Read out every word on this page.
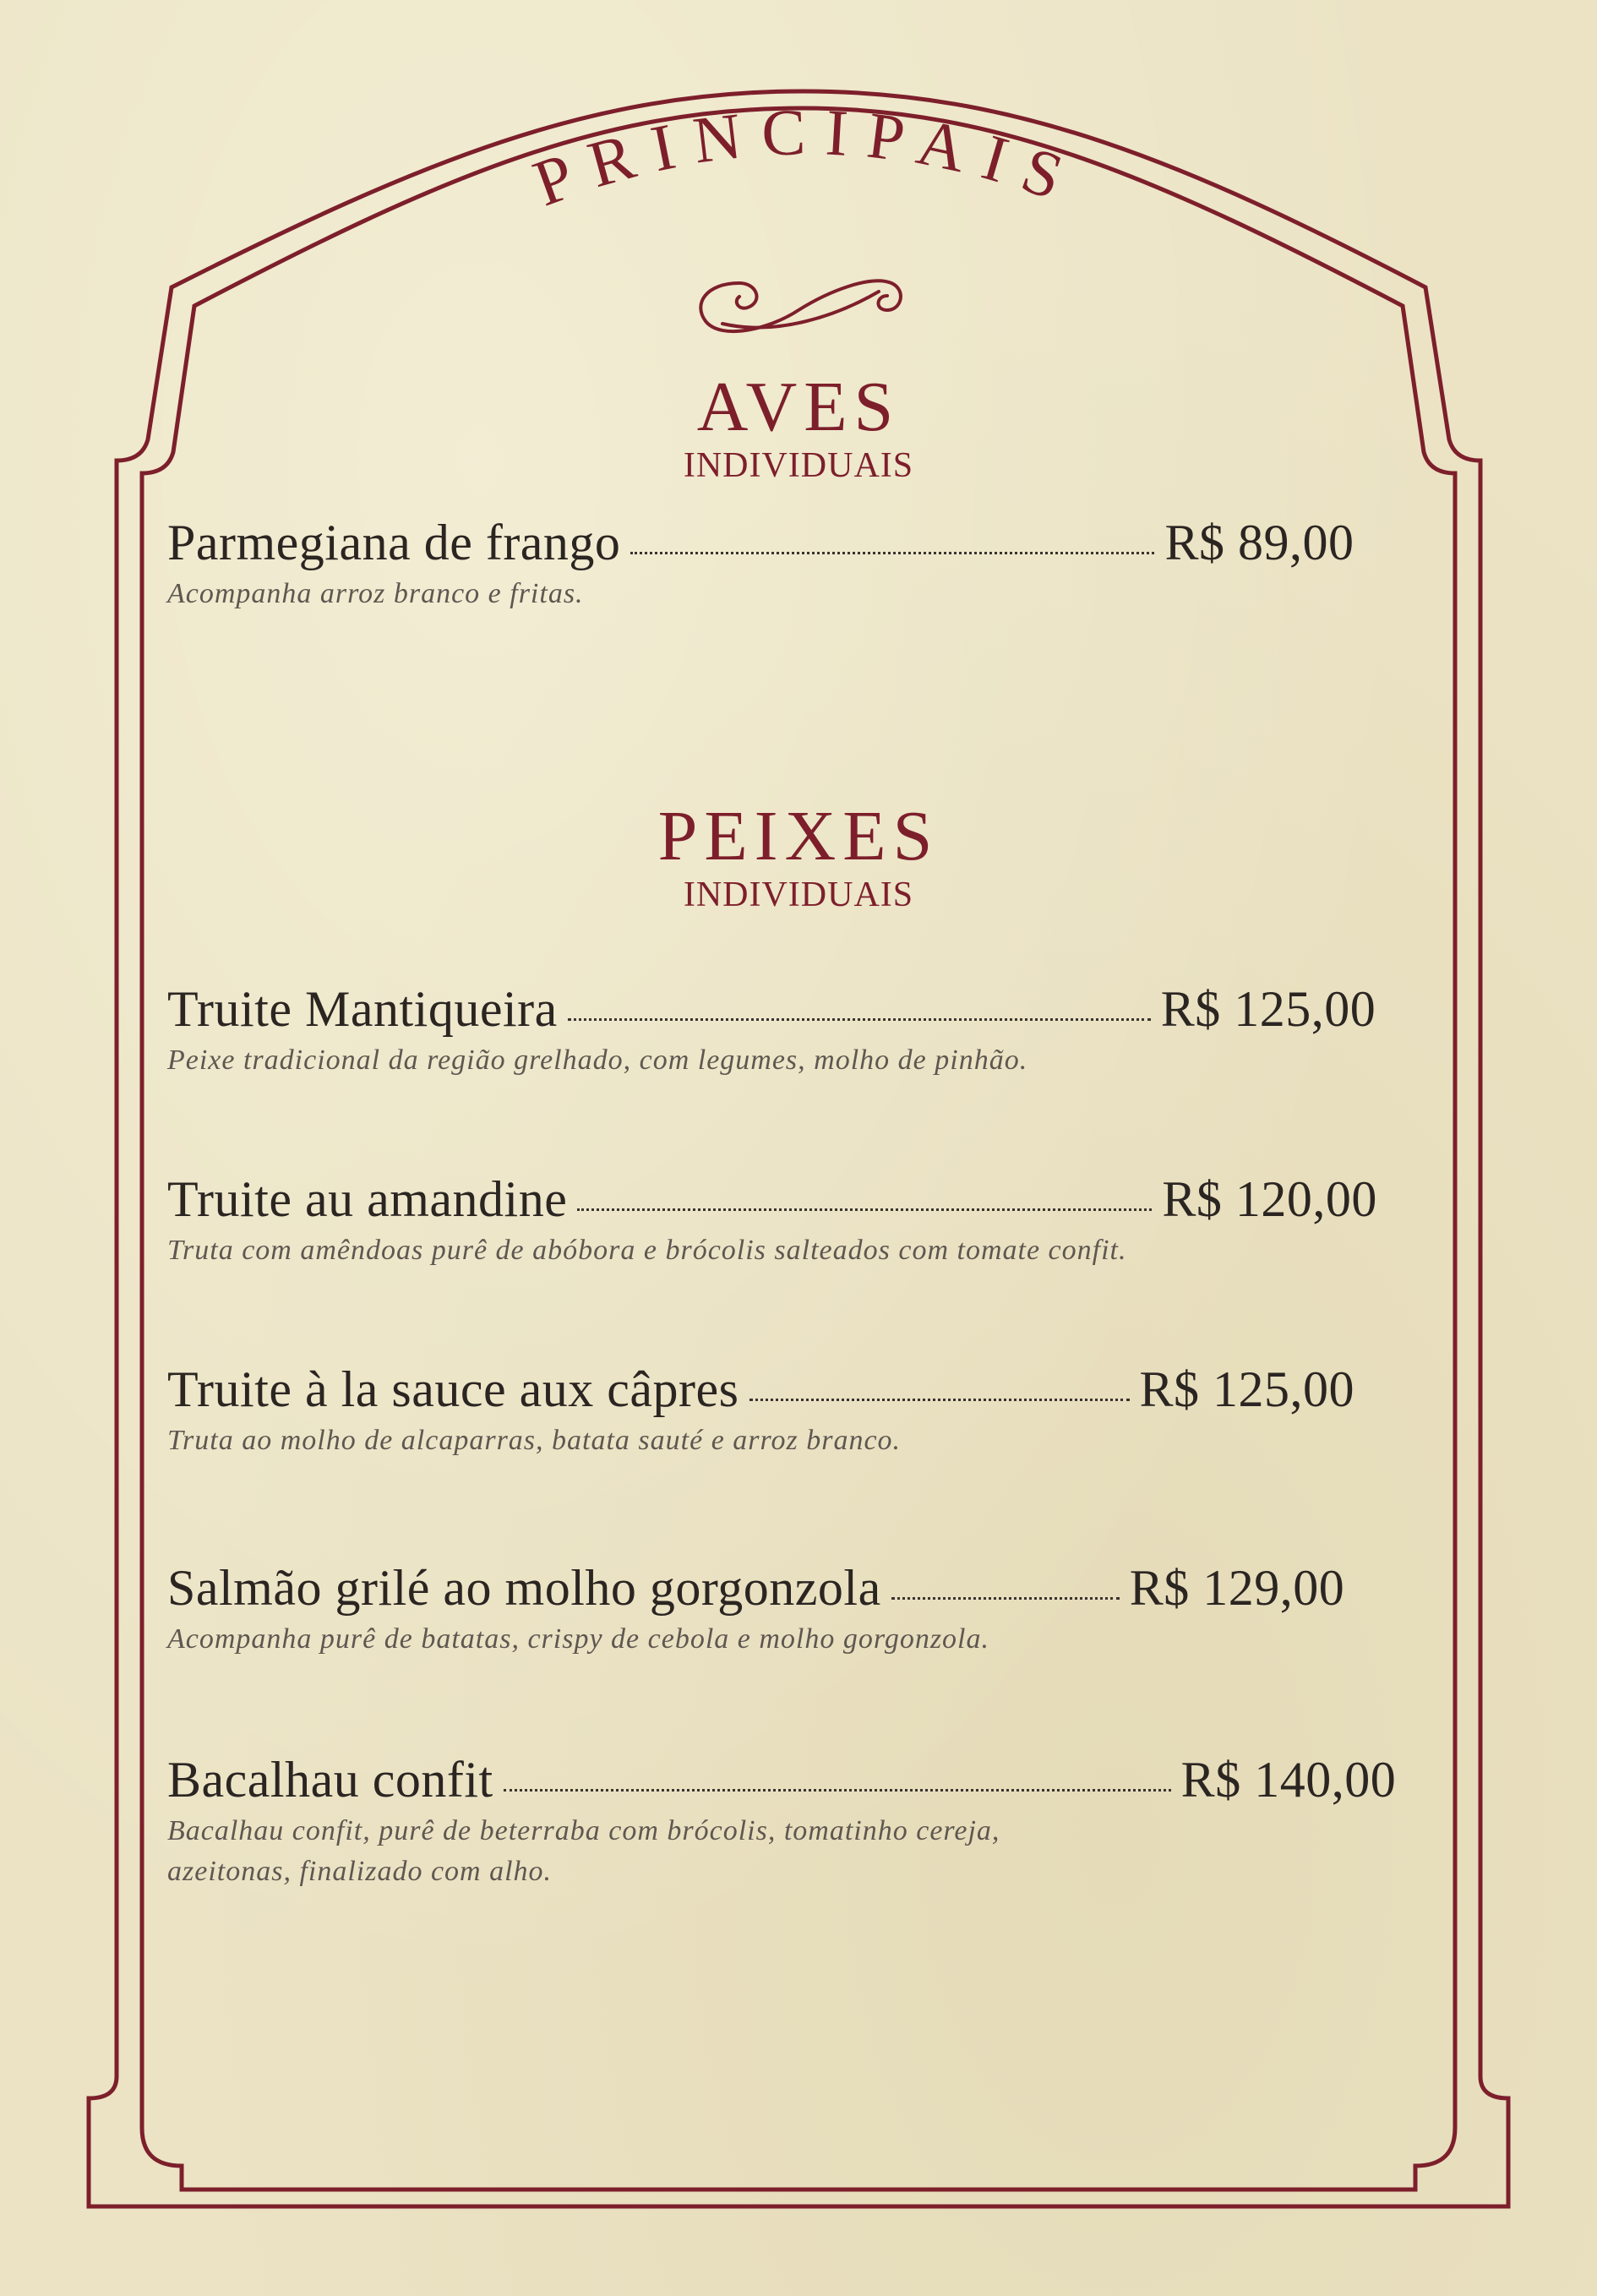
PRINCIPAIS
AVES
INDIVIDUAIS
Parmegiana de frango	R$ 89,00
Acompanha arroz branco e fritas.
PEIXES
INDIVIDUAIS
Truite Mantiqueira	R$ 125,00
Peixe tradicional da região grelhado, com legumes, molho de pinhão.
Truite au amandine	R$ 120,00
Truta com amêndoas purê de abóbora e brócolis salteados com tomate confit.
Truite à la sauce aux câpres	R$ 125,00
Truta ao molho de alcaparras, batata sauté e arroz branco.
Salmão grilé ao molho gorgonzola	R$ 129,00
Acompanha purê de batatas, crispy de cebola e molho gorgonzola.
Bacalhau confit	R$ 140,00
Bacalhau confit, purê de beterraba com brócolis, tomatinho cereja,
azeitonas, finalizado com alho.
